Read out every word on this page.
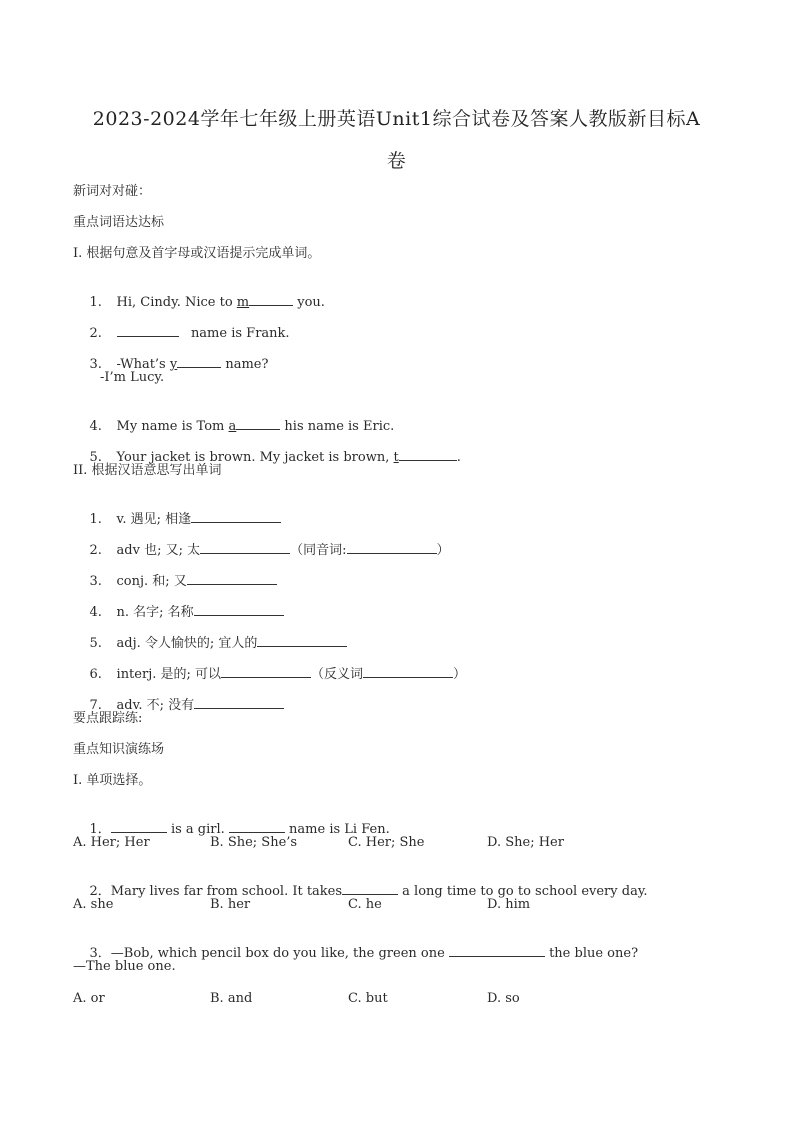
2023-2024学年七年级上册英语Unit1综合试卷及答案人教版新目标A
卷
新词对对碰：
重点词语达达标
I. 根据句意及首字母或汉语提示完成单词。

1. Hi, Cindy. Nice to m	you.

2.	name is Frank.

3. -What’s y	name?

-I’m Lucy.

4. My name is Tom a	his name is Eric.

5. Your jacket is brown. My jacket is brown, t	.

II. 根据汉语意思写出单词

1. v. 遇见; 相逢

2. adv 也; 又; 太	（同音词:	）

3. conj. 和; 又

4. n. 名字; 名称

5. adj. 令人愉快的; 宜人的

6. interj. 是的; 可以	（反义词	）

7. adv. 不; 没有

要点跟踪练:
重点知识演练场
I. 单项选择。

1．	is a girl.	name is Li Fen.

A. Her; Her	B. She; She’s	C. Her; She	D. She; Her

2．Mary lives far from school. It takes	a long time to go to school every day.

A. she	B. her	C. he	D. him

3．—Bob, which pencil box do you like, the green one	the blue one?

—The blue one.
A. or	B. and	C. but	D. so
